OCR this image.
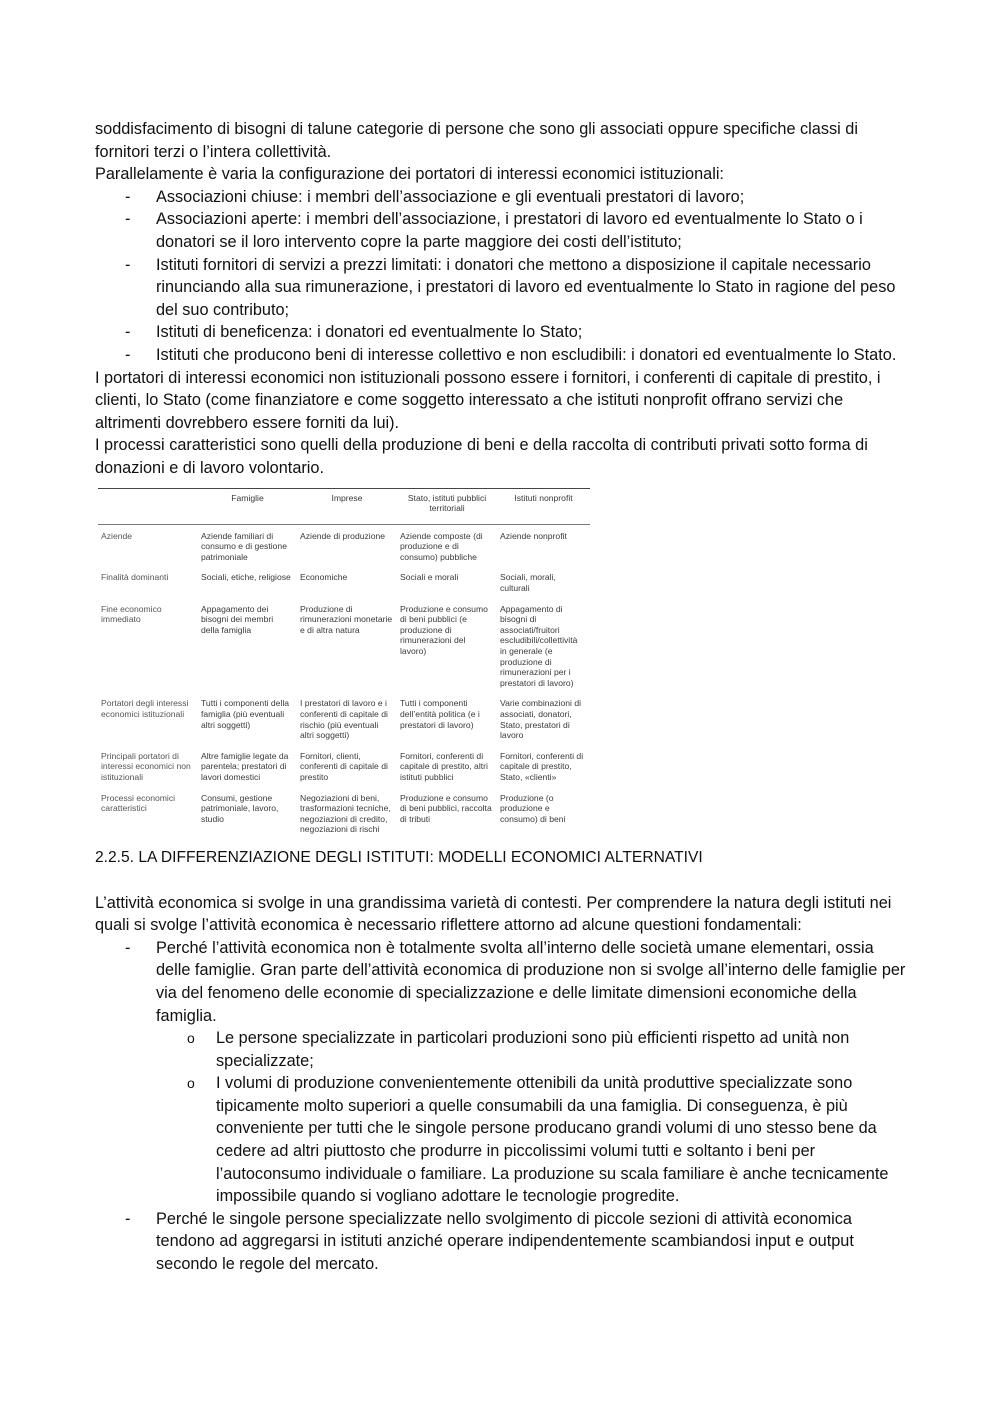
soddisfacimento di bisogni di talune categorie di persone che sono gli associati oppure specifiche classi di fornitori terzi o l’intera collettività.

Parallelamente è varia la configurazione dei portatori di interessi economici istituzionali:

- Associazioni chiuse: i membri dell’associazione e gli eventuali prestatori di lavoro;
- Associazioni aperte: i membri dell’associazione, i prestatori di lavoro ed eventualmente lo Stato o i donatori se il loro intervento copre la parte maggiore dei costi dell’istituto;
- Istituti fornitori di servizi a prezzi limitati: i donatori che mettono a disposizione il capitale necessario rinunciando alla sua rimunerazione, i prestatori di lavoro ed eventualmente lo Stato in ragione del peso del suo contributo;
- Istituti di beneficenza: i donatori ed eventualmente lo Stato;
- Istituti che producono beni di interesse collettivo e non escludibili: i donatori ed eventualmente lo Stato.

I portatori di interessi economici non istituzionali possono essere i fornitori, i conferenti di capitale di prestito, i clienti, lo Stato (come finanziatore e come soggetto interessato a che istituti nonprofit offrano servizi che altrimenti dovrebbero essere forniti da lui).

I processi caratteristici sono quelli della produzione di beni e della raccolta di contributi privati sotto forma di donazioni e di lavoro volontario.

	Famiglie	Imprese	Stato, istituti pubblici territoriali	Istituti nonprofit
Aziende	Aziende familiari di consumo e di gestione patrimoniale	Aziende di produzione	Aziende composte (di produzione e di consumo) pubbliche	Aziende nonprofit
Finalità dominanti	Sociali, etiche, religiose	Economiche	Sociali e morali	Sociali, morali, culturali
Fine economico immediato	Appagamento dei bisogni dei membri della famiglia	Produzione di rimunerazioni monetarie e di altra natura	Produzione e consumo di beni pubblici (e produzione di rimunerazioni del lavoro)	Appagamento di bisogni di associati/fruitori escludibili/collettività in generale (e produzione di rimunerazioni per i prestatori di lavoro)
Portatori degli interessi economici istituzionali	Tutti i componenti della famiglia (più eventuali altri soggetti)	I prestatori di lavoro e i conferenti di capitale di rischio (più eventuali altri soggetti)	Tutti i componenti dell’entità politica (e i prestatori di lavoro)	Varie combinazioni di associati, donatori, Stato, prestatori di lavoro
Principali portatori di interessi economici non istituzionali	Altre famiglie legate da parentela; prestatori di lavori domestici	Fornitori, clienti, conferenti di capitale di prestito	Fornitori, conferenti di capitale di prestito, altri istituti pubblici	Fornitori, conferenti di capitale di prestito, Stato, «clienti»
Processi economici caratteristici	Consumi, gestione patrimoniale, lavoro, studio	Negoziazioni di beni, trasformazioni tecniche, negoziazioni di credito, negoziazioni di rischi	Produzione e consumo di beni pubblici, raccolta di tributi	Produzione (o produzione e consumo) di beni
2.2.5. LA DIFFERENZIAZIONE DEGLI ISTITUTI: MODELLI ECONOMICI ALTERNATIVI

L’attività economica si svolge in una grandissima varietà di contesti. Per comprendere la natura degli istituti nei quali si svolge l’attività economica è necessario riflettere attorno ad alcune questioni fondamentali:

- Perché l’attività economica non è totalmente svolta all’interno delle società umane elementari, ossia delle famiglie. Gran parte dell’attività economica di produzione non si svolge all’interno delle famiglie per via del fenomeno delle economie di specializzazione e delle limitate dimensioni economiche della famiglia.
o Le persone specializzate in particolari produzioni sono più efficienti rispetto ad unità non specializzate;
o I volumi di produzione convenientemente ottenibili da unità produttive specializzate sono tipicamente molto superiori a quelle consumabili da una famiglia. Di conseguenza, è più conveniente per tutti che le singole persone producano grandi volumi di uno stesso bene da cedere ad altri piuttosto che produrre in piccolissimi volumi tutti e soltanto i beni per l’autoconsumo individuale o familiare. La produzione su scala familiare è anche tecnicamente impossibile quando si vogliano adottare le tecnologie progredite.
- Perché le singole persone specializzate nello svolgimento di piccole sezioni di attività economica tendono ad aggregarsi in istituti anziché operare indipendentemente scambiandosi input e output secondo le regole del mercato.
